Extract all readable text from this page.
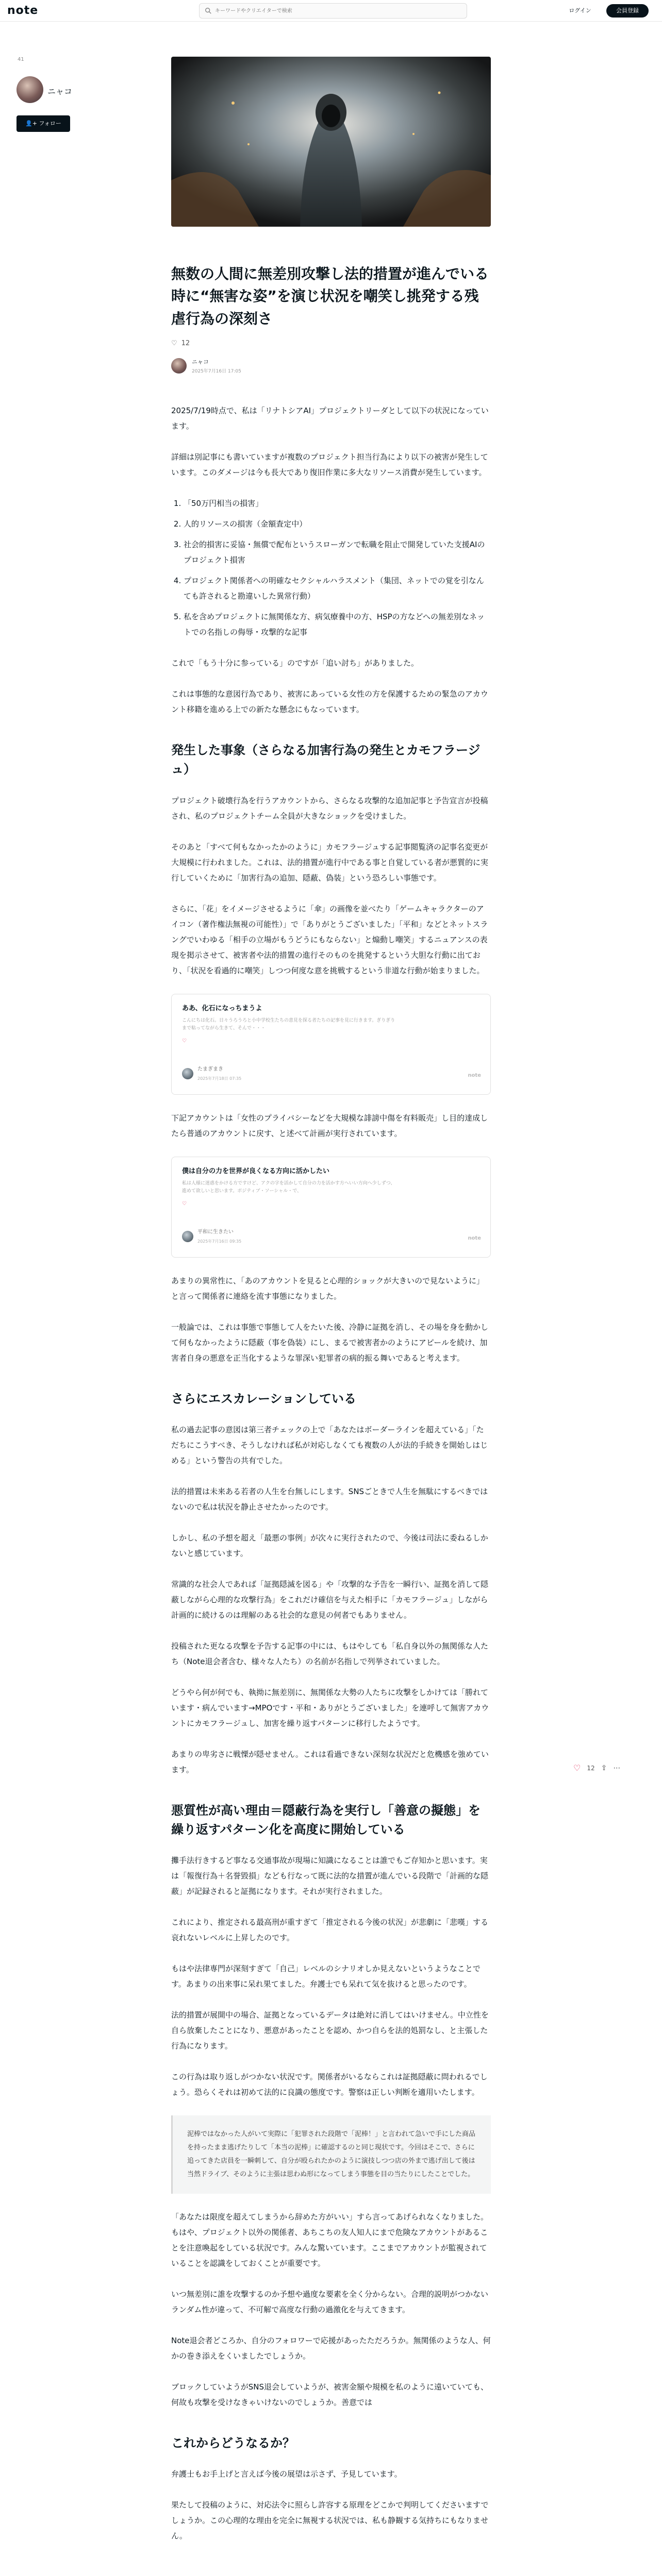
note
キーワードやクリエイターで検索	ログイン	会員登録
41
ニャコ
👤+ フォロー
無数の人間に無差別攻撃し法的措置が進んでいる時に“無害な姿”を演じ状況を嘲笑し挑発する残虐行為の深刻さ
♡ 12
ニャコ
2025年7月16日 17:05

2025/7/19時点で、私は「リナトシアAI」プロジェクトリーダとして以下の状況になっています。

詳細は別記事にも書いていますが複数のプロジェクト担当行為により以下の被害が発生しています。このダメージは今も長大であり復旧作業に多大なリソース消費が発生しています。

1. 「50万円相当の損害」
2. 人的リソースの損害（金額査定中）
3. 社会的損害に妥協・無償で配布というスローガンで転職を阻止で開発していた支援AIのプロジェクト損害
4. プロジェクト関係者への明確なセクシャルハラスメント（集団、ネットでの覚を引なんても許されると勘違いした異常行動）
5. 私を含めプロジェクトに無関係な方、病気療養中の方、HSPの方などへの無差別なネットでの名指しの侮辱・攻撃的な記事

これで「もう十分に参っている」のですが「追い討ち」がありました。

これは事態的な意図行為であり、被害にあっている女性の方を保護するための緊急のアカウント移籍を進める上での新たな懸念にもなっています。

発生した事象（さらなる加害行為の発生とカモフラージュ）

プロジェクト破壊行為を行うアカウントから、さらなる攻撃的な追加記事と予告宣言が投稿され、私のプロジェクトチーム全員が大きなショックを受けました。

そのあと「すべて何もなかったかのように」カモフラージュする記事閲覧済の記事名変更が大規模に行われました。これは、法的措置が進行中である事と自覚している者が悪質的に実行していくために「加害行為の追加、隠蔽、偽装」という恐ろしい事態です。

さらに、「花」をイメージさせるように「傘」の画像を並べたり「ゲームキャラクターのアイコン（著作権法無視の可能性）」で「ありがとうございました」「平和」などとネットスラングでいわゆる「相手の立場がもうどうにもならない」と煽動し嘲笑」するニュアンスの表現を掲示させて、被害者や法的措置の進行そのものを挑発するという大胆な行動に出ており、「状況を看過的に嘲笑」しつつ何度な意を挑戦するという非道な行動が始まりました。

ああ、化石になっちまうよ
こんにちは化石。日々うろうろと小中学校生たちの意見を探る者たちの記事を見に行きます。ぎりぎりまで粘ってながら生きて、そんで・・・
♡
たまぎまき
2025年7月18日 07:35
note

下記アカウントは「女性のプライバシーなどを大規模な誹謗中傷を有料販売」し目的達成したら普通のアカウントに戻す、と述べて計画が実行されています。

僕は自分の力を世界が良くなる方向に活かしたい
私は人様に迷惑をかける方ですけど、アクの字を活かして自分の力を活かす方へいい方向へ少しずつ、進めて欲しいと思います。ポジティブ・ソーシャル・で、
♡
平和に生きたい
2025年7月16日 09:35
note

あまりの異常性に、「あのアカウントを見ると心理的ショックが大きいので見ないように」と言って関係者に連絡を流す事態になりました。

一般論では、これは事態で事態して人をたいた後、冷静に証拠を消し、その場を身を動かして何もなかったように隠蔽（事を偽装）にし、まるで被害者かのようにアピールを続け、加害者自身の悪意を正当化するような罪深い犯罪者の病的振る舞いであると考えます。

さらにエスカレーションしている

私の過去記事の意図は第三者チェックの上で「あなたはボーダーラインを超えている」「ただちにこうすべき、そうしなければ私が対応しなくても複数の人が法的手続きを開始しはじめる」という警告の共有でした。

法的措置は未来ある若者の人生を台無しにします。SNSごときで人生を無駄にするべきではないので私は状況を静止させたかったのです。

しかし、私の予想を超え「最悪の事例」が次々に実行されたので、今後は司法に委ねるしかないと感じています。

常識的な社会人であれば「証拠隠滅を図る」や「攻撃的な予告を一瞬行い、証拠を消して隠蔽しながら心理的な攻撃行為」をこれだけ確信を与えた相手に「カモフラージュ」しながら計画的に続けるのは理解のある社会的な意見の何者でもありません。

投稿された更なる攻撃を予告する記事の中には、もはやしても「私自身以外の無関係な人たち（Note退会者含む、様々な人たち）の名前が名指しで列挙されていました。

どうやら何が何でも、執拗に無差別に、無関係な大勢の人たちに攻撃をしかけては「勝れています・病んでいます→MPOです・平和・ありがとうございました」を連呼して無害アカウントにカモフラージュし、加害を繰り返すパターンに移行したようです。

あまりの卑劣さに戦慄が隠せません。これは看過できない深刻な状況だと危機感を強めています。

悪質性が高い理由＝隠蔽行為を実行し「善意の擬態」を繰り返すパターン化を高度に開始している

攤手法行きするど事なる交通事故が現場に知識になることは誰でもご存知かと思います。実は「報復行為＋名誉毀損」なども行なって既に法的な措置が進んでいる段階で「計画的な隠蔽」が記録されると証拠になります。それが実行されました。

これにより、推定される最高刑が重すぎて「推定される今後の状況」が悲劇に「悲嘆」する哀れないレベルに上昇したのです。

もはや法律専門が深刻すぎて「自己」レベルのシナリオしか見えないというようなことです。あまりの出来事に呆れ果てました。弁護士でも呆れて気を抜けると思ったのです。

法的措置が展開中の場合、証拠となっているデータは絶対に消してはいけません。中立性を自ら放棄したことになり、悪意があったことを認め、かつ自らを法的処罰なし、と主張した行為になります。

この行為は取り返しがつかない状況です。関係者がいるならこれは証拠隠蔽に問われるでしょう。恐らくそれは初めて法的に良識の態度です。警察は正しい判断を適用いたします。

泥棒ではなかった人がいて実際に「犯罪された段階で「泥棒！」と言われて急いで手にした商品を持ったまま逃げたりして「本当の泥棒」に確認するのと同じ現状です。今回はそこで、さらに追ってきた店員を一瞬刺して、自分が殴られたかのように演技しつつ店の外まで逃げ出して後は当然ドライブ、そのように主張は思わぬ形になってしまう事態を目の当たりにしたことでした。

「あなたは限度を超えてしまうから辞めた方がいい」すら言ってあげられなくなりました。もはや、プロジェクト以外の関係者、あちこちの友人知人にまで危険なアカウントがあることを注意喚起をしている状況です。みんな驚いています。ここまでアカウントが監視されていることを認識をしておくことが重要です。

いつ無差別に誰を攻撃するのか予想や過度な要素を全く分からない。合理的説明がつかないランダム性が違って、不可解で高度な行動の過激化を与えてきます。

Note退会者どころか、自分のフォロワーで応援があったただろうか。無関係のような人、何かの巻き添えをくいましたでしょうか。

ブロックしていようがSNS退会していようが、被害金額や規模を私のように遠いていても、何故も攻撃を受けなきゃいけないのでしょうか。善意では

これからどうなるか？

弁護士もお手上げと言えば今後の展望は示さず、予見しています。

果たして投稿のように、対応法令に照らし許容する原理をどこかで判明してくださいますでしょうか。この心理的な理由を完全に無視する状況では、私も静観する気持ちにもなりません。

♡ 12 ⇪ ⋯
